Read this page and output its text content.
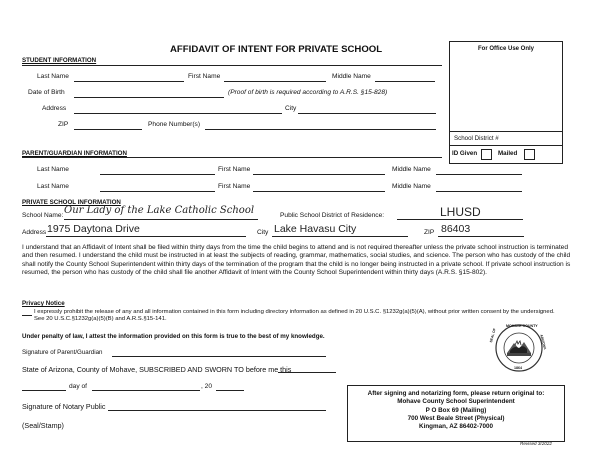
AFFIDAVIT OF INTENT FOR PRIVATE SCHOOL	For Office Use Only
School District #
ID Given	Mailed
STUDENT INFORMATION
Last Name	First Name	Middle Name
Date of Birth	(Proof of birth is required according to A.R.S. §15-828)
Address	City
ZIP	Phone Number(s)
PARENT/GUARDIAN INFORMATION
Last Name	First Name	Middle Name
Last Name	First Name	Middle Name
PRIVATE SCHOOL INFORMATION
School Name: Our Lady of the Lake Catholic School	Public School District of Residence:	LHUSD
Address 1975 Daytona Drive	City Lake Havasu City	ZIP 86403
I understand that an Affidavit of Intent shall be filed within thirty days from the time the child begins to attend and is not required thereafter unless the private school instruction is terminated and then resumed. I understand the child must be instructed in at least the subjects of reading, grammar, mathematics, social studies, and science. The person who has custody of the child shall notify the County School Superintendent within thirty days of the termination of the program that the child is no longer being instructed in a private school. If private school instruction is resumed, the person who has custody of the child shall file another Affidavit of Intent with the County School Superintendent within thirty days (A.R.S. §15-802).
Privacy Notice
I expressly prohibit the release of any and all information contained in this form including directory information as defined in 20 U.S.C. §1232g(a)(5)(A), without prior written consent by the undersigned. See 20 U.S.C.§1232g(a)(5)(B) and A.R.S.§15-141.
Under penalty of law, I attest the information provided on this form is true to the best of my knowledge.
MOHAVE COUNTY
1864
SEAL OF	ARIZONA
Signature of Parent/Guardian
State of Arizona, County of Mohave, SUBSCRIBED AND SWORN TO before me this
day of	, 20
Signature of Notary Public
(Seal/Stamp)
After signing and notarizing form, please return original to:
Mohave County School Superintendent
P O Box 69 (Mailing)
700 West Beale Street (Physical)
Kingman, AZ 86402-7000
Revised 3/2022
